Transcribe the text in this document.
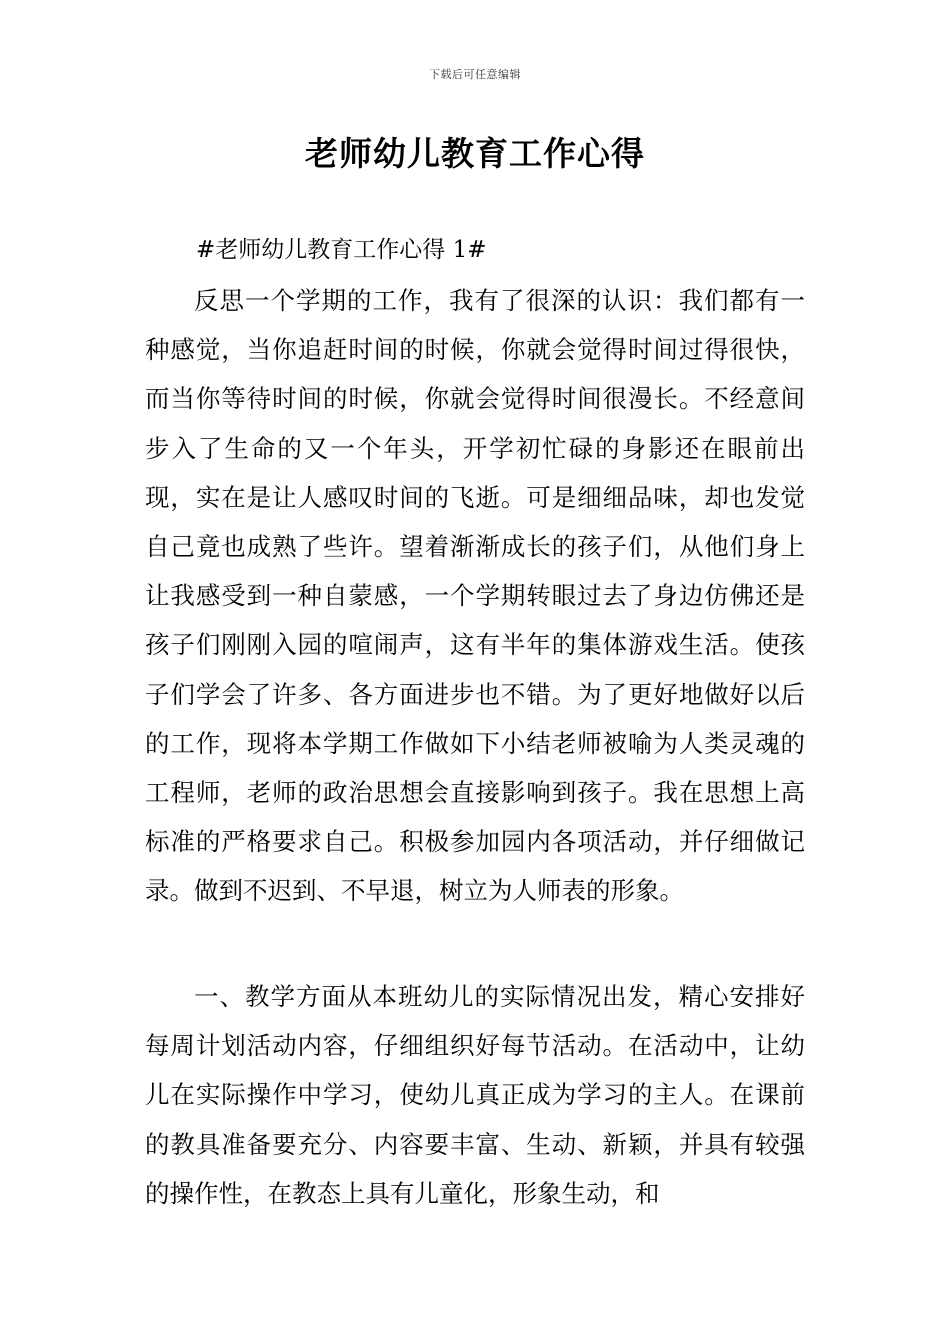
下载后可任意编辑
老师幼儿教育工作心得
#老师幼儿教育工作心得 1#

反思一个学期的工作，我有了很深的认识：我们都有一种感觉，当你追赶时间的时候，你就会觉得时间过得很快，而当你等待时间的时候，你就会觉得时间很漫长。不经意间步入了生命的又一个年头，开学初忙碌的身影还在眼前出现，实在是让人感叹时间的飞逝。可是细细品味，却也发觉自己竟也成熟了些许。望着渐渐成长的孩子们，从他们身上让我感受到一种自蒙感，一个学期转眼过去了身边仿佛还是孩子们刚刚入园的喧闹声，这有半年的集体游戏生活。使孩子们学会了许多、各方面进步也不错。为了更好地做好以后的工作，现将本学期工作做如下小结老师被喻为人类灵魂的工程师，老师的政治思想会直接影响到孩子。我在思想上高标准的严格要求自己。积极参加园内各项活动，并仔细做记录。做到不迟到、不早退，树立为人师表的形象。

一、教学方面从本班幼儿的实际情况出发，精心安排好每周计划活动内容，仔细组织好每节活动。在活动中，让幼儿在实际操作中学习，使幼儿真正成为学习的主人。在课前的教具准备要充分、内容要丰富、生动、新颖，并具有较强的操作性，在教态上具有儿童化，形象生动，和
